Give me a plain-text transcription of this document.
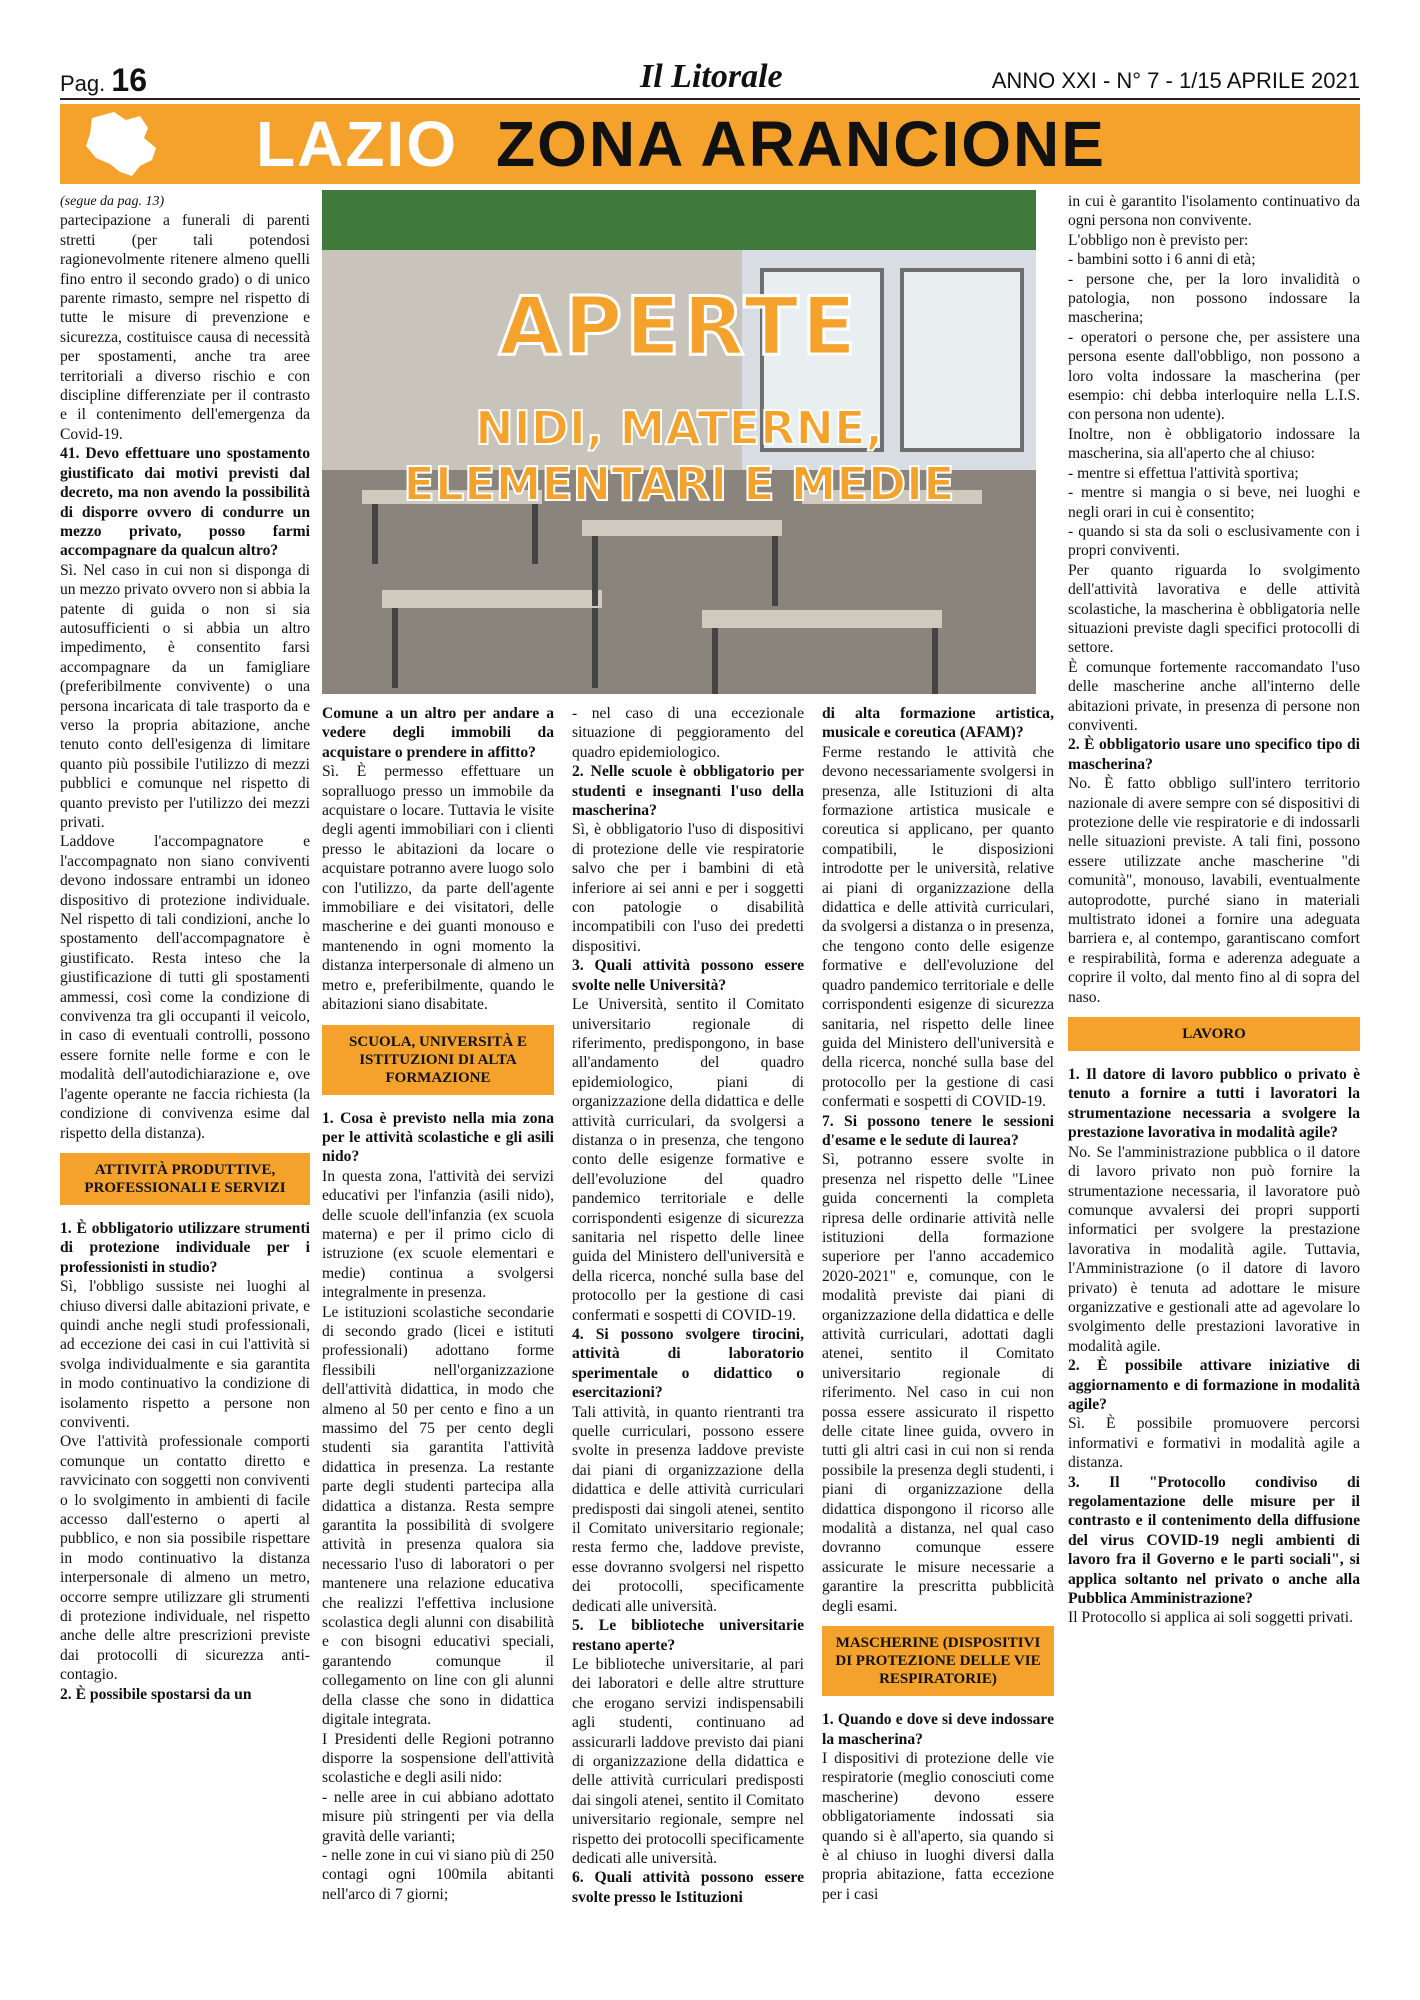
Pag. 16	Il Litorale	ANNO XXI - N° 7 - 1/15 APRILE 2021
LAZIO ZONA ARANCIONE
APERTE
NIDI, MATERNE,
ELEMENTARI E MEDIE

(segue da pag. 13)

partecipazione a funerali di parenti stretti (per tali potendosi ragionevolmente ritenere almeno quelli fino entro il secondo grado) o di unico parente rimasto, sempre nel rispetto di tutte le misure di prevenzione e sicurezza, costituisce causa di necessità per spostamenti, anche tra aree territoriali a diverso rischio e con discipline differenziate per il contrasto e il contenimento dell'emergenza da Covid-19.

41. Devo effettuare uno spostamento giustificato dai motivi previsti dal decreto, ma non avendo la possibilità di disporre ovvero di condurre un mezzo privato, posso farmi accompagnare da qualcun altro?

Sì. Nel caso in cui non si disponga di un mezzo privato ovvero non si abbia la patente di guida o non si sia autosufficienti o si abbia un altro impedimento, è consentito farsi accompagnare da un famigliare (preferibilmente convivente) o una persona incaricata di tale trasporto da e verso la propria abitazione, anche tenuto conto dell'esigenza di limitare quanto più possibile l'utilizzo di mezzi pubblici e comunque nel rispetto di quanto previsto per l'utilizzo dei mezzi privati.

Laddove l'accompagnatore e l'accompagnato non siano conviventi devono indossare entrambi un idoneo dispositivo di protezione individuale. Nel rispetto di tali condizioni, anche lo spostamento dell'accompagnatore è giustificato. Resta inteso che la giustificazione di tutti gli spostamenti ammessi, così come la condizione di convivenza tra gli occupanti il veicolo, in caso di eventuali controlli, possono essere fornite nelle forme e con le modalità dell'autodichiarazione e, ove l'agente operante ne faccia richiesta (la condizione di convivenza esime dal rispetto della distanza).

ATTIVITÀ PRODUTTIVE, PROFESSIONALI E SERVIZI

1. È obbligatorio utilizzare strumenti di protezione individuale per i professionisti in studio?

Sì, l'obbligo sussiste nei luoghi al chiuso diversi dalle abitazioni private, e quindi anche negli studi professionali, ad eccezione dei casi in cui l'attività si svolga individualmente e sia garantita in modo continuativo la condizione di isolamento rispetto a persone non conviventi.

Ove l'attività professionale comporti comunque un contatto diretto e ravvicinato con soggetti non conviventi o lo svolgimento in ambienti di facile accesso dall'esterno o aperti al pubblico, e non sia possibile rispettare in modo continuativo la distanza interpersonale di almeno un metro, occorre sempre utilizzare gli strumenti di protezione individuale, nel rispetto anche delle altre prescrizioni previste dai protocolli di sicurezza anti-contagio.

2. È possibile spostarsi da un

Comune a un altro per andare a vedere degli immobili da acquistare o prendere in affitto?

Sì. È permesso effettuare un sopralluogo presso un immobile da acquistare o locare. Tuttavia le visite degli agenti immobiliari con i clienti presso le abitazioni da locare o acquistare potranno avere luogo solo con l'utilizzo, da parte dell'agente immobiliare e dei visitatori, delle mascherine e dei guanti monouso e mantenendo in ogni momento la distanza interpersonale di almeno un metro e, preferibilmente, quando le abitazioni siano disabitate.

SCUOLA, UNIVERSITÀ E ISTITUZIONI DI ALTA FORMAZIONE

1. Cosa è previsto nella mia zona per le attività scolastiche e gli asili nido?

In questa zona, l'attività dei servizi educativi per l'infanzia (asili nido), delle scuole dell'infanzia (ex scuola materna) e per il primo ciclo di istruzione (ex scuole elementari e medie) continua a svolgersi integralmente in presenza.

Le istituzioni scolastiche secondarie di secondo grado (licei e istituti professionali) adottano forme flessibili nell'organizzazione dell'attività didattica, in modo che almeno al 50 per cento e fino a un massimo del 75 per cento degli studenti sia garantita l'attività didattica in presenza. La restante parte degli studenti partecipa alla didattica a distanza. Resta sempre garantita la possibilità di svolgere attività in presenza qualora sia necessario l'uso di laboratori o per mantenere una relazione educativa che realizzi l'effettiva inclusione scolastica degli alunni con disabilità e con bisogni educativi speciali, garantendo comunque il collegamento on line con gli alunni della classe che sono in didattica digitale integrata.

I Presidenti delle Regioni potranno disporre la sospensione dell'attività scolastiche e degli asili nido:

- nelle aree in cui abbiano adottato misure più stringenti per via della gravità delle varianti;

- nelle zone in cui vi siano più di 250 contagi ogni 100mila abitanti nell'arco di 7 giorni;

- nel caso di una eccezionale situazione di peggioramento del quadro epidemiologico.

2. Nelle scuole è obbligatorio per studenti e insegnanti l'uso della mascherina?

Sì, è obbligatorio l'uso di dispositivi di protezione delle vie respiratorie salvo che per i bambini di età inferiore ai sei anni e per i soggetti con patologie o disabilità incompatibili con l'uso dei predetti dispositivi.

3. Quali attività possono essere svolte nelle Università?

Le Università, sentito il Comitato universitario regionale di riferimento, predispongono, in base all'andamento del quadro epidemiologico, piani di organizzazione della didattica e delle attività curriculari, da svolgersi a distanza o in presenza, che tengono conto delle esigenze formative e dell'evoluzione del quadro pandemico territoriale e delle corrispondenti esigenze di sicurezza sanitaria nel rispetto delle linee guida del Ministero dell'università e della ricerca, nonché sulla base del protocollo per la gestione di casi confermati e sospetti di COVID-19.

4. Si possono svolgere tirocini, attività di laboratorio sperimentale o didattico o esercitazioni?

Tali attività, in quanto rientranti tra quelle curriculari, possono essere svolte in presenza laddove previste dai piani di organizzazione della didattica e delle attività curriculari predisposti dai singoli atenei, sentito il Comitato universitario regionale; resta fermo che, laddove previste, esse dovranno svolgersi nel rispetto dei protocolli, specificamente dedicati alle università.

5. Le biblioteche universitarie restano aperte?

Le biblioteche universitarie, al pari dei laboratori e delle altre strutture che erogano servizi indispensabili agli studenti, continuano ad assicurarli laddove previsto dai piani di organizzazione della didattica e delle attività curriculari predisposti dai singoli atenei, sentito il Comitato universitario regionale, sempre nel rispetto dei protocolli specificamente dedicati alle università.

6. Quali attività possono essere svolte presso le Istituzioni

di alta formazione artistica, musicale e coreutica (AFAM)?

Ferme restando le attività che devono necessariamente svolgersi in presenza, alle Istituzioni di alta formazione artistica musicale e coreutica si applicano, per quanto compatibili, le disposizioni introdotte per le università, relative ai piani di organizzazione della didattica e delle attività curriculari, da svolgersi a distanza o in presenza, che tengono conto delle esigenze formative e dell'evoluzione del quadro pandemico territoriale e delle corrispondenti esigenze di sicurezza sanitaria, nel rispetto delle linee guida del Ministero dell'università e della ricerca, nonché sulla base del protocollo per la gestione di casi confermati e sospetti di COVID-19.

7. Si possono tenere le sessioni d'esame e le sedute di laurea?

Sì, potranno essere svolte in presenza nel rispetto delle "Linee guida concernenti la completa ripresa delle ordinarie attività nelle istituzioni della formazione superiore per l'anno accademico 2020-2021" e, comunque, con le modalità previste dai piani di organizzazione della didattica e delle attività curriculari, adottati dagli atenei, sentito il Comitato universitario regionale di riferimento. Nel caso in cui non possa essere assicurato il rispetto delle citate linee guida, ovvero in tutti gli altri casi in cui non si renda possibile la presenza degli studenti, i piani di organizzazione della didattica dispongono il ricorso alle modalità a distanza, nel qual caso dovranno comunque essere assicurate le misure necessarie a garantire la prescritta pubblicità degli esami.

MASCHERINE (DISPOSITIVI DI PROTEZIONE DELLE VIE RESPIRATORIE)

1. Quando e dove si deve indossare la mascherina?

I dispositivi di protezione delle vie respiratorie (meglio conosciuti come mascherine) devono essere obbligatoriamente indossati sia quando si è all'aperto, sia quando si è al chiuso in luoghi diversi dalla propria abitazione, fatta eccezione per i casi

in cui è garantito l'isolamento continuativo da ogni persona non convivente.

L'obbligo non è previsto per:

- bambini sotto i 6 anni di età;

- persone che, per la loro invalidità o patologia, non possono indossare la mascherina;

- operatori o persone che, per assistere una persona esente dall'obbligo, non possono a loro volta indossare la mascherina (per esempio: chi debba interloquire nella L.I.S. con persona non udente).

Inoltre, non è obbligatorio indossare la mascherina, sia all'aperto che al chiuso:

- mentre si effettua l'attività sportiva;

- mentre si mangia o si beve, nei luoghi e negli orari in cui è consentito;

- quando si sta da soli o esclusivamente con i propri conviventi.

Per quanto riguarda lo svolgimento dell'attività lavorativa e delle attività scolastiche, la mascherina è obbligatoria nelle situazioni previste dagli specifici protocolli di settore.

È comunque fortemente raccomandato l'uso delle mascherine anche all'interno delle abitazioni private, in presenza di persone non conviventi.

2. È obbligatorio usare uno specifico tipo di mascherina?

No. È fatto obbligo sull'intero territorio nazionale di avere sempre con sé dispositivi di protezione delle vie respiratorie e di indossarli nelle situazioni previste. A tali fini, possono essere utilizzate anche mascherine "di comunità", monouso, lavabili, eventualmente autoprodotte, purché siano in materiali multistrato idonei a fornire una adeguata barriera e, al contempo, garantiscano comfort e respirabilità, forma e aderenza adeguate a coprire il volto, dal mento fino al di sopra del naso.

LAVORO

1. Il datore di lavoro pubblico o privato è tenuto a fornire a tutti i lavoratori la strumentazione necessaria a svolgere la prestazione lavorativa in modalità agile?

No. Se l'amministrazione pubblica o il datore di lavoro privato non può fornire la strumentazione necessaria, il lavoratore può comunque avvalersi dei propri supporti informatici per svolgere la prestazione lavorativa in modalità agile. Tuttavia, l'Amministrazione (o il datore di lavoro privato) è tenuta ad adottare le misure organizzative e gestionali atte ad agevolare lo svolgimento delle prestazioni lavorative in modalità agile.

2. È possibile attivare iniziative di aggiornamento e di formazione in modalità agile?

Sì. È possibile promuovere percorsi informativi e formativi in modalità agile a distanza.

3. Il "Protocollo condiviso di regolamentazione delle misure per il contrasto e il contenimento della diffusione del virus COVID-19 negli ambienti di lavoro fra il Governo e le parti sociali", si applica soltanto nel privato o anche alla Pubblica Amministrazione?

Il Protocollo si applica ai soli soggetti privati.
